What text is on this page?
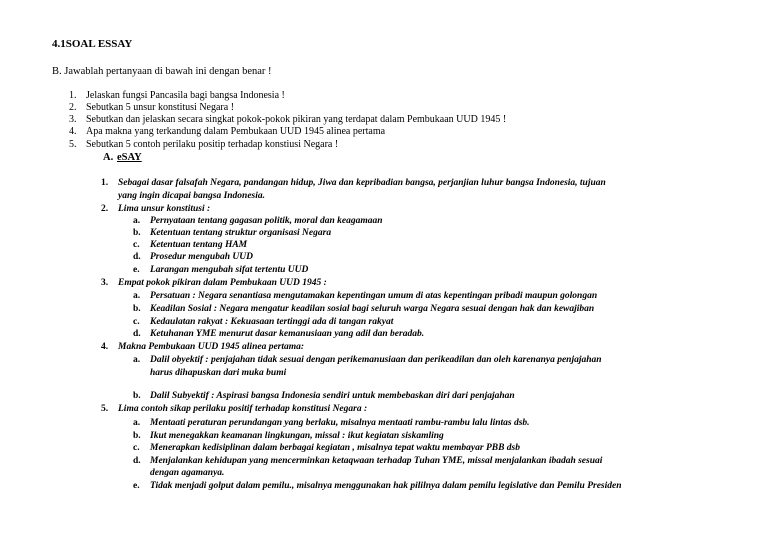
4.1SOAL ESSAY
B. Jawablah pertanyaan di bawah ini dengan benar !
1. Jelaskan fungsi Pancasila bagi bangsa Indonesia !
2. Sebutkan 5 unsur konstitusi Negara !
3. Sebutkan dan jelaskan secara singkat pokok-pokok pikiran yang terdapat dalam Pembukaan UUD 1945 !
4. Apa makna yang terkandung dalam Pembukaan UUD 1945 alinea pertama
5. Sebutkan 5 contoh perilaku positip terhadap konstiusi Negara !
A. eSAY
1. Sebagai dasar falsafah Negara, pandangan hidup, Jiwa dan kepribadian bangsa, perjanjian luhur bangsa Indonesia, tujuan
yang ingin dicapai bangsa Indonesia.
2. Lima unsur konstitusi :
a. Pernyataan tentang gagasan politik, moral dan keagamaan
b. Ketentuan tentang struktur organisasi Negara
c. Ketentuan tentang HAM
d. Prosedur mengubah UUD
e. Larangan mengubah sifat tertentu UUD
3. Empat pokok pikiran dalam Pembukaan UUD 1945 :
a. Persatuan : Negara senantiasa mengutamakan kepentingan umum di atas kepentingan pribadi maupun golongan
b. Keadilan Sosial : Negara mengatur keadilan sosial bagi seluruh warga Negara sesuai dengan hak dan kewajiban
c. Kedaulatan rakyat : Kekuasaan tertinggi ada di tangan rakyat
d. Ketuhanan YME menurut dasar kemanusiaan yang adil dan beradab.
4. Makna Pembukaan UUD 1945 alinea pertama:
a. Dalil obyektif : penjajahan tidak sesuai dengan perikemanusiaan dan perikeadilan dan oleh karenanya penjajahan
harus dihapuskan dari muka bumi
b. Dalil Subyektif : Aspirasi bangsa Indonesia sendiri untuk membebaskan diri dari penjajahan
5. Lima contoh sikap perilaku positif terhadap konstitusi Negara :
a. Mentaati peraturan perundangan yang berlaku, misalnya mentaati rambu-rambu lalu lintas dsb.
b. Ikut menegakkan keamanan lingkungan, missal : ikut kegiatan siskamling
c. Menerapkan kedisiplinan dalam berbagai kegiatan , misalnya tepat waktu membayar PBB dsb
d. Menjalankan kehidupan yang mencerminkan ketaqwaan terhadap Tuhan YME, missal menjalankan ibadah sesuai
dengan agamanya.
e. Tidak menjadi golput dalam pemilu., misalnya menggunakan hak pililnya dalam pemilu legislative dan Pemilu Presiden
